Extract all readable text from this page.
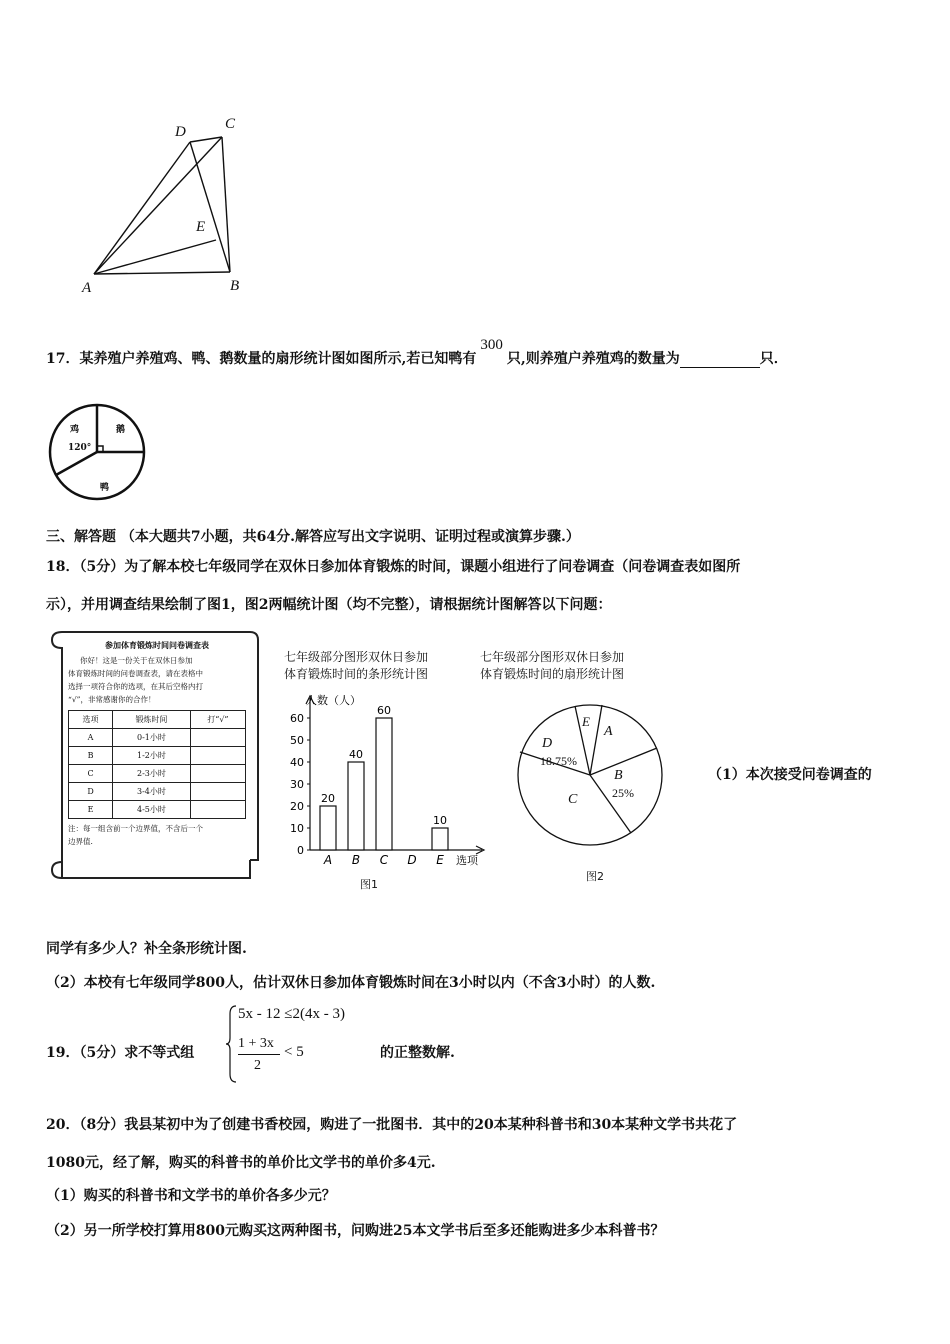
D	C
E
A	B
17．某养殖户养殖鸡、鸭、鹅数量的扇形统计图如图所示,若已知鸭有300只,则养殖户养殖鸡的数量为	只．
鸡	鹅
120°
鸭
三、解答题 （本大题共7小题，共64分.解答应写出文字说明、证明过程或演算步骤.）
18．（5分）为了解本校七年级同学在双休日参加体育锻炼的时间，课题小组进行了问卷调查（问卷调查表如图所
示），并用调查结果绘制了图1，图2两幅统计图（均不完整），请根据统计图解答以下问题：
参加体育锻炼时间问卷调查表
你好！这是一份关于在双休日参加
体育锻炼时间的问卷调查表，请在表格中
选择一项符合你的选项，在其后空格内打
“√”，非常感谢你的合作！
选项	锻炼时间	打“√”
A	0-1小时	
B	1-2小时	
C	2-3小时	
D	3-4小时	
E	4-5小时	
注：每一组含前一个边界值，不含后一个
边界值.
七年级部分图形双休日参加
体育锻炼时间的条形统计图
人数（人）
选项
0
10
20
30
40
50
60
20
A
40
B
60
C D
10
E
图1
七年级部分图形双休日参加
体育锻炼时间的扇形统计图
E
A
D
18.75%
B
25%
C
图2
（1）本次接受问卷调查的
同学有多少人？补全条形统计图.
（2）本校有七年级同学800人，估计双休日参加体育锻炼时间在3小时以内（不含3小时）的人数.
19．（5分）求不等式组
5x - 12 ≤2(4x - 3)
1 + 3x
2
< 5	的正整数解.
20．（8分）我县某初中为了创建书香校园，购进了一批图书．其中的20本某种科普书和30本某种文学书共花了
1080元，经了解，购买的科普书的单价比文学书的单价多4元.
（1）购买的科普书和文学书的单价各多少元？
（2）另一所学校打算用800元购买这两种图书，问购进25本文学书后至多还能购进多少本科普书？
